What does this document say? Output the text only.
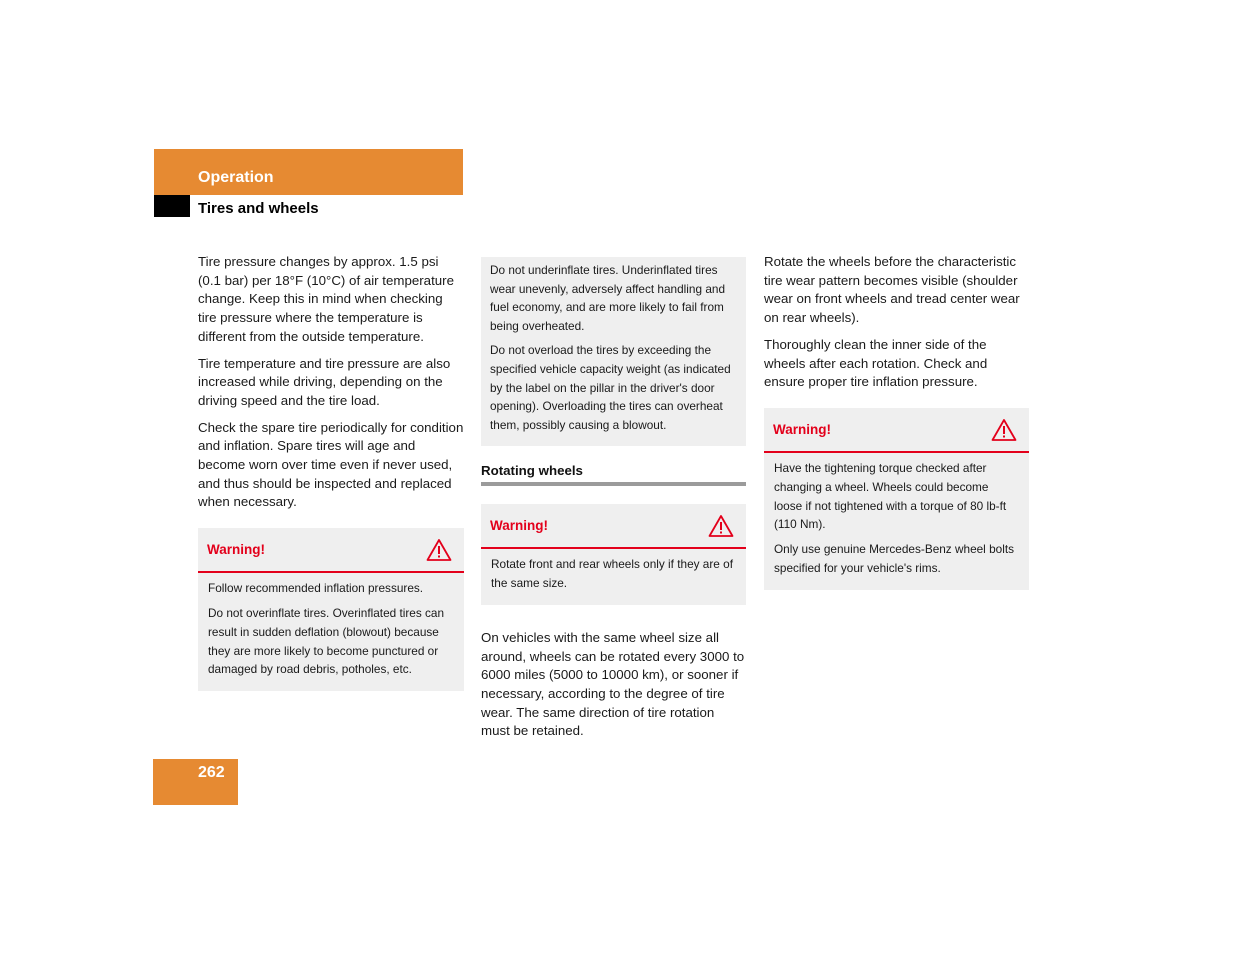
Operation
Tires and wheels

Tire pressure changes by approx. 1.5 psi (0.1 bar) per 18°F (10°C) of air temperature change. Keep this in mind when checking tire pressure where the temperature is different from the outside temperature.

Tire temperature and tire pressure are also increased while driving, depending on the driving speed and the tire load.

Check the spare tire periodically for condition and inflation. Spare tires will age and become worn over time even if never used, and thus should be inspected and replaced when necessary.

Warning!

Follow recommended inflation pressures.

Do not overinflate tires. Overinflated tires can result in sudden deflation (blowout) because they are more likely to become punctured or damaged by road debris, potholes, etc.

Do not underinflate tires. Underinflated tires wear unevenly, adversely affect handling and fuel economy, and are more likely to fail from being overheated.

Do not overload the tires by exceeding the specified vehicle capacity weight (as indicated by the label on the pillar in the driver's door opening). Overloading the tires can overheat them, possibly causing a blowout.

Rotating wheels
Warning!

Rotate front and rear wheels only if they are of the same size.

On vehicles with the same wheel size all around, wheels can be rotated every 3000 to 6000 miles (5000 to 10000 km), or sooner if necessary, according to the degree of tire wear. The same direction of tire rotation must be retained.

Rotate the wheels before the characteristic tire wear pattern becomes visible (shoulder wear on front wheels and tread center wear on rear wheels).

Thoroughly clean the inner side of the wheels after each rotation. Check and ensure proper tire inflation pressure.

Warning!

Have the tightening torque checked after changing a wheel. Wheels could become loose if not tightened with a torque of 80 lb-ft (110 Nm).

Only use genuine Mercedes-Benz wheel bolts specified for your vehicle's rims.

262
